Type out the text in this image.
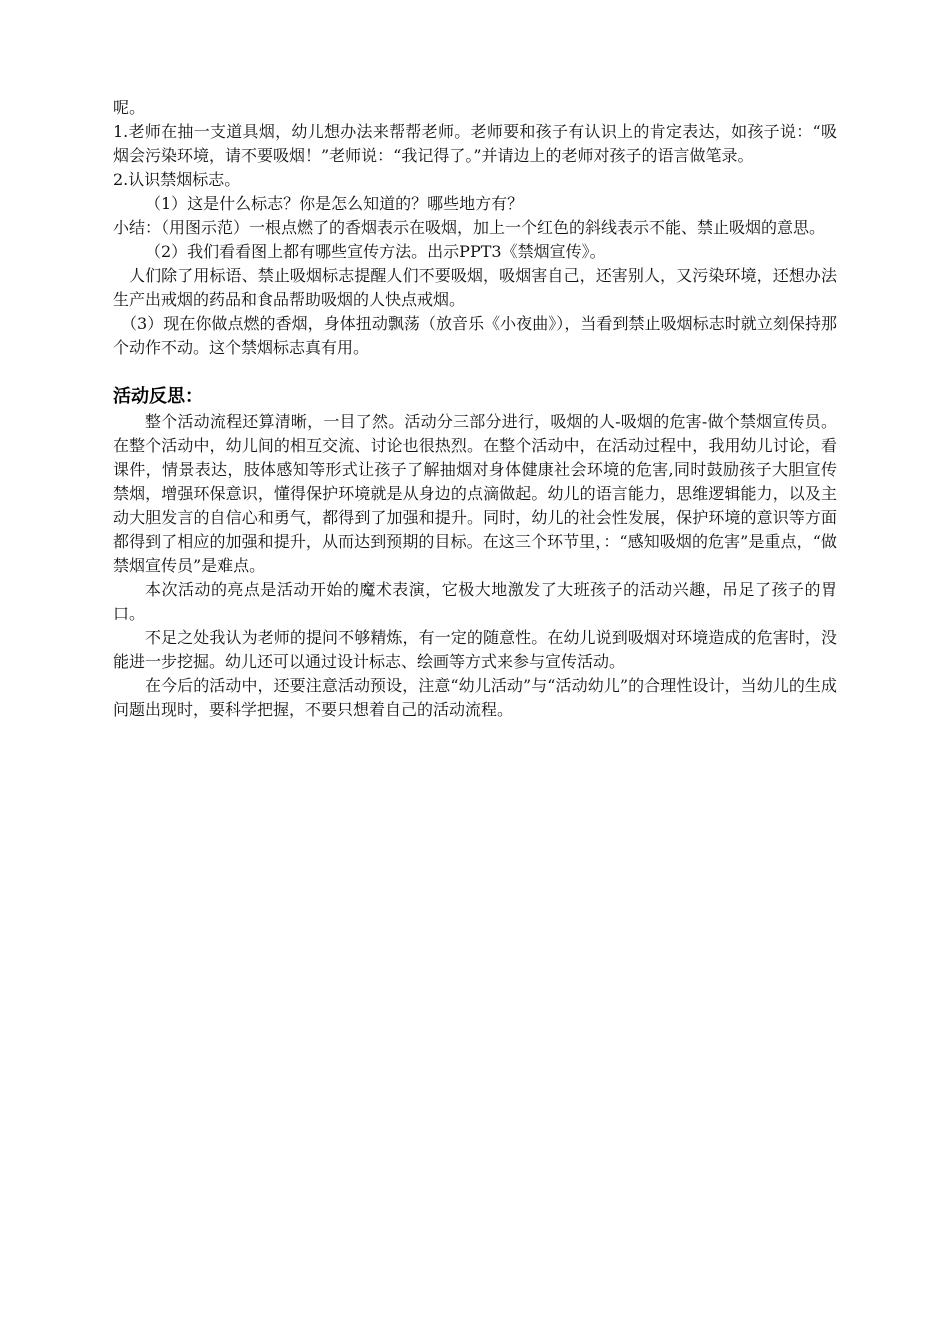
呢。

1.老师在抽一支道具烟，幼儿想办法来帮帮老师。老师要和孩子有认识上的肯定表达，如孩子说：“吸烟会污染环境，请不要吸烟！”老师说：“我记得了。”并请边上的老师对孩子的语言做笔录。

2.认识禁烟标志。

（1）这是什么标志？你是怎么知道的？哪些地方有？

小结：（用图示范）一根点燃了的香烟表示在吸烟，加上一个红色的斜线表示不能、禁止吸烟的意思。

（2）我们看看图上都有哪些宣传方法。出示PPT3《禁烟宣传》。

人们除了用标语、禁止吸烟标志提醒人们不要吸烟，吸烟害自己，还害别人，又污染环境，还想办法生产出戒烟的药品和食品帮助吸烟的人快点戒烟。

（3）现在你做点燃的香烟，身体扭动飘荡（放音乐《小夜曲》），当看到禁止吸烟标志时就立刻保持那个动作不动。这个禁烟标志真有用。

活动反思：

整个活动流程还算清晰，一目了然。活动分三部分进行，吸烟的人-吸烟的危害-做个禁烟宣传员。在整个活动中，幼儿间的相互交流、讨论也很热烈。在整个活动中，在活动过程中，我用幼儿讨论，看课件，情景表达，肢体感知等形式让孩子了解抽烟对身体健康社会环境的危害,同时鼓励孩子大胆宣传禁烟，增强环保意识，懂得保护环境就是从身边的点滴做起。幼儿的语言能力，思维逻辑能力，以及主动大胆发言的自信心和勇气，都得到了加强和提升。同时，幼儿的社会性发展，保护环境的意识等方面都得到了相应的加强和提升，从而达到预期的目标。在这三个环节里，：“感知吸烟的危害”是重点，“做禁烟宣传员”是难点。

本次活动的亮点是活动开始的魔术表演，它极大地激发了大班孩子的活动兴趣，吊足了孩子的胃口。

不足之处我认为老师的提问不够精炼，有一定的随意性。在幼儿说到吸烟对环境造成的危害时，没能进一步挖掘。幼儿还可以通过设计标志、绘画等方式来参与宣传活动。

在今后的活动中，还要注意活动预设，注意“幼儿活动”与“活动幼儿”的合理性设计，当幼儿的生成问题出现时，要科学把握，不要只想着自己的活动流程。
